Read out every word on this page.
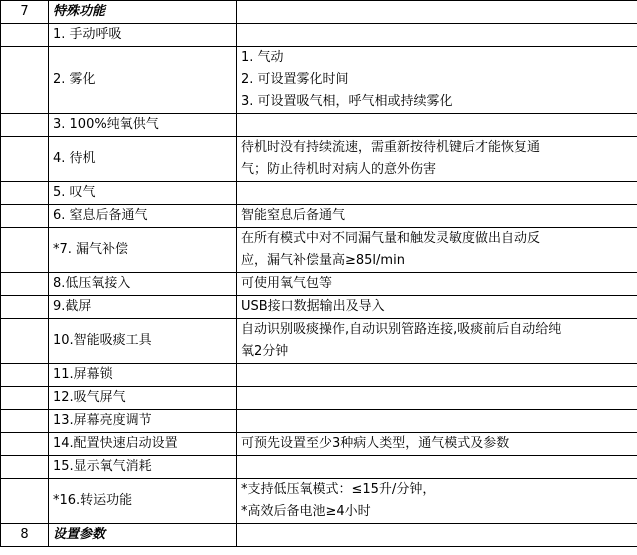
7	特殊功能	
	1. 手动呼吸	
	2. 雾化	1. 气动
2. 可设置雾化时间
3. 可设置吸气相，呼气相或持续雾化

	3. 100%纯氧供气	
	4. 待机	待机时没有持续流速，需重新按待机键后才能恢复通
气；防止待机时对病人的意外伤害

	5. 叹气	
	6. 窒息后备通气	智能窒息后备通气

	*7. 漏气补偿	在所有模式中对不同漏气量和触发灵敏度做出自动反
应，漏气补偿量高≥85l/min

	8.低压氧接入	可使用氧气包等

	9.截屏	USB接口数据输出及导入

	10.智能吸痰工具	自动识别吸痰操作,自动识别管路连接,吸痰前后自动给纯
氧2分钟

	11.屏幕锁	
	12.吸气屏气	
	13.屏幕亮度调节	
	14.配置快速启动设置	可预先设置至少3种病人类型，通气模式及参数

	15.显示氧气消耗	
	*16.转运功能	*支持低压氧模式：≤15升/分钟，
*高效后备电池≥4小时

8	设置参数	
